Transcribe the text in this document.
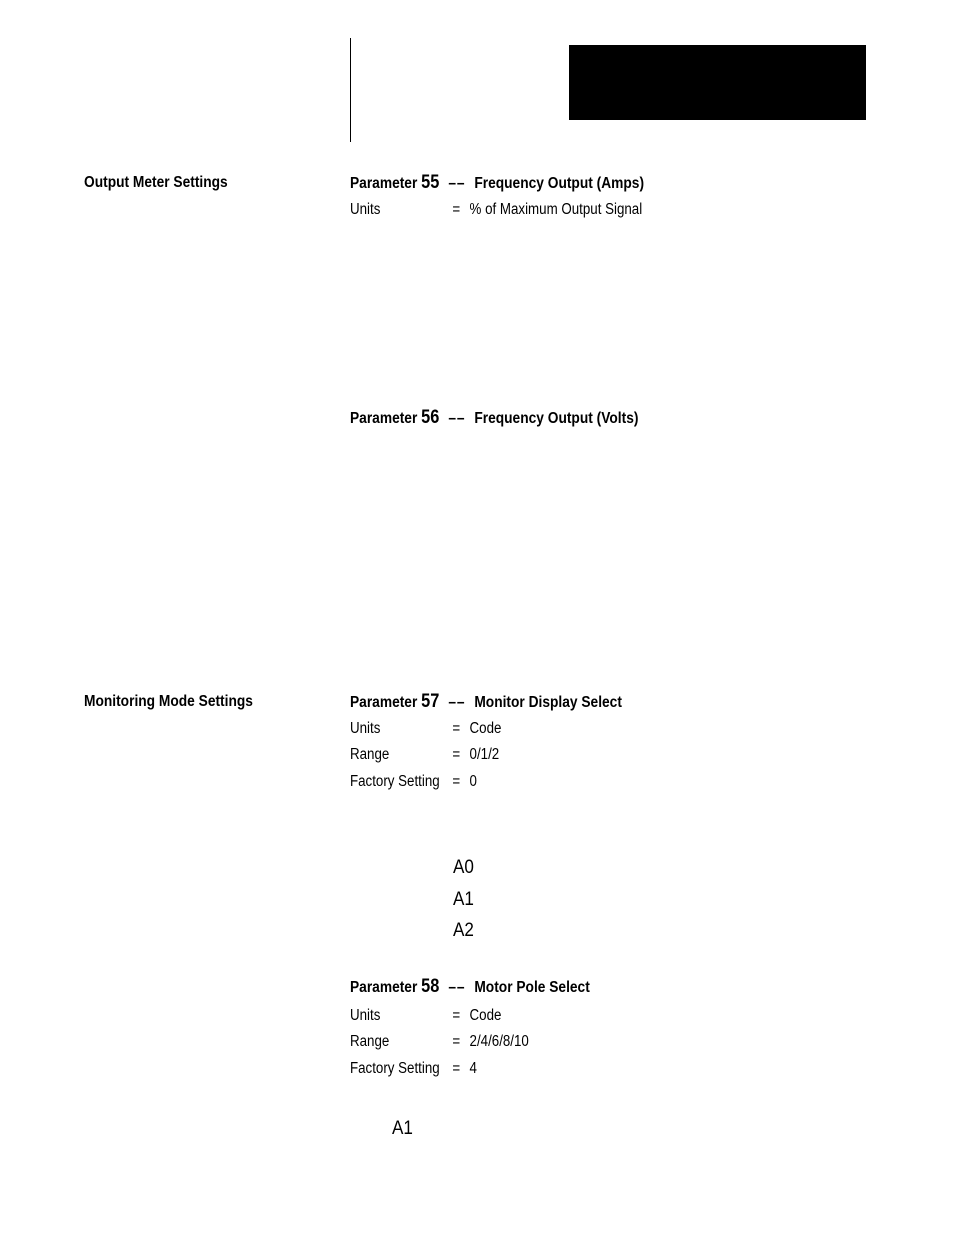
Output Meter Settings	Parameter 55 –– Frequency Output (Amps)
Units	= % of Maximum Output Signal
Parameter 56 –– Frequency Output (Volts)
Monitoring Mode Settings	Parameter 57 –– Monitor Display Select
Units	= Code
Range	= 0/1/2
Factory Setting = 0
A0
A1
A2
Parameter 58 –– Motor Pole Select
Units	= Code
Range	= 2/4/6/8/10
Factory Setting = 4
A1
